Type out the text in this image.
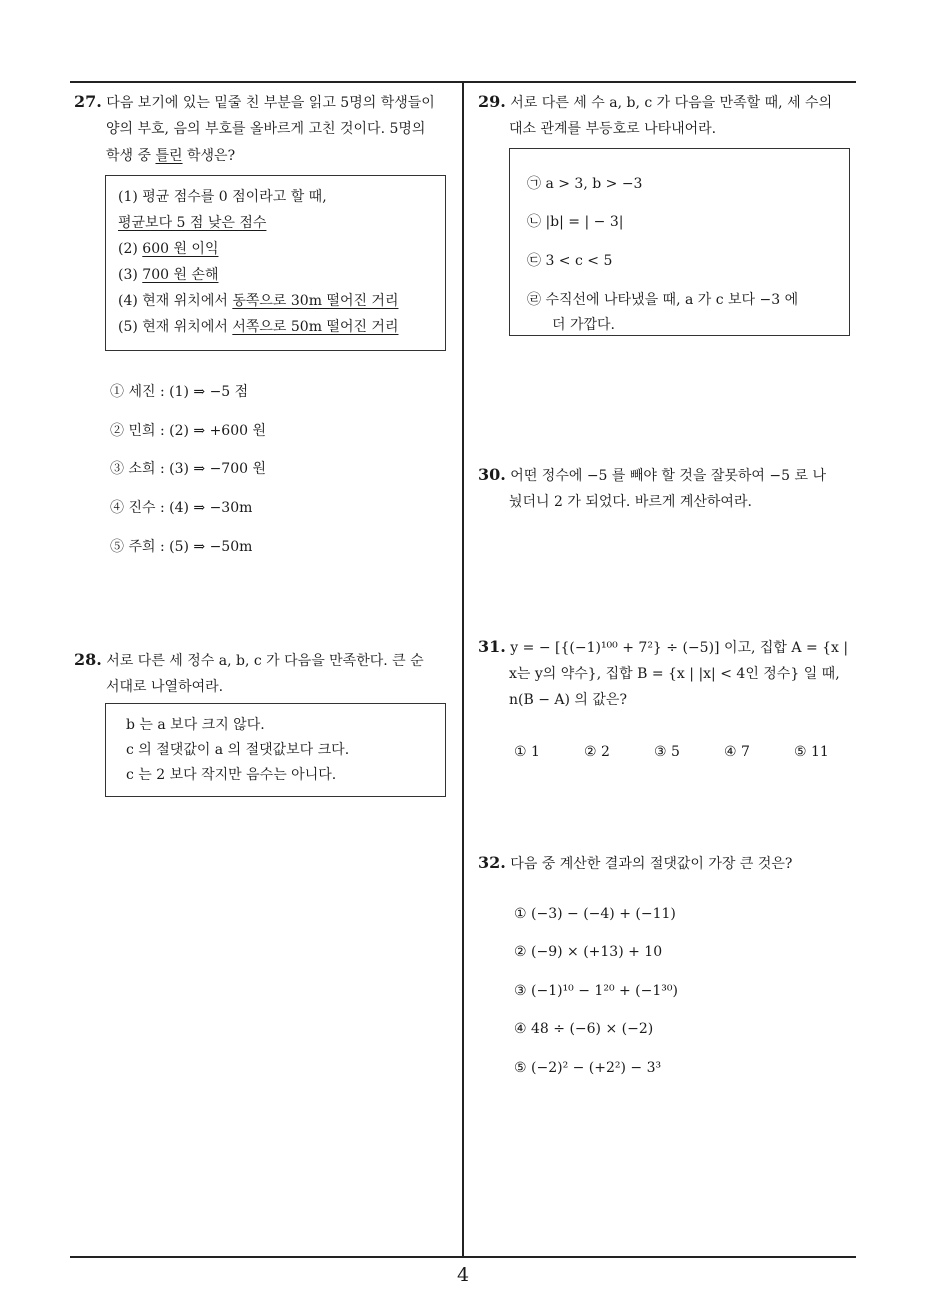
4
27. 다음 보기에 있는 밑줄 친 부분을 읽고 5명의 학생들이
양의 부호, 음의 부호를 올바르게 고친 것이다. 5명의
학생 중 틀린 학생은?
(1) 평균 점수를 0 점이라고 할 때,
평균보다 5 점 낮은 점수
(2) 600 원 이익
(3) 700 원 손해
(4) 현재 위치에서 동쪽으로 30m 떨어진 거리
(5) 현재 위치에서 서쪽으로 50m 떨어진 거리
① 세진 : (1) ⇒ −5 점
② 민희 : (2) ⇒ +600 원
③ 소희 : (3) ⇒ −700 원
④ 진수 : (4) ⇒ −30m
⑤ 주희 : (5) ⇒ −50m
28. 서로 다른 세 정수 a, b, c 가 다음을 만족한다. 큰 순
서대로 나열하여라.
b 는 a 보다 크지 않다.
c 의 절댓값이 a 의 절댓값보다 크다.
c 는 2 보다 작지만 음수는 아니다.
29. 서로 다른 세 수 a, b, c 가 다음을 만족할 때, 세 수의
대소 관계를 부등호로 나타내어라.
㉠ a > 3, b > −3
㉡ |b| = | − 3|
㉢ 3 < c < 5
㉣ 수직선에 나타냈을 때, a 가 c 보다 −3 에
더 가깝다.
30. 어떤 정수에 −5 를 빼야 할 것을 잘못하여 −5 로 나
눴더니 2 가 되었다. 바르게 계산하여라.
31. y = − [{(−1)¹⁰⁰ + 7²} ÷ (−5)] 이고, 집합 A = {x |
x는 y의 약수}, 집합 B = {x | |x| < 4인 정수} 일 때,
n(B − A) 의 값은?
① 1	② 2	③ 5	④ 7	⑤ 11
32. 다음 중 계산한 결과의 절댓값이 가장 큰 것은?
① (−3) − (−4) + (−11)
② (−9) × (+13) + 10
③ (−1)¹⁰ − 1²⁰ + (−1³⁰)
④ 48 ÷ (−6) × (−2)
⑤ (−2)² − (+2²) − 3³
